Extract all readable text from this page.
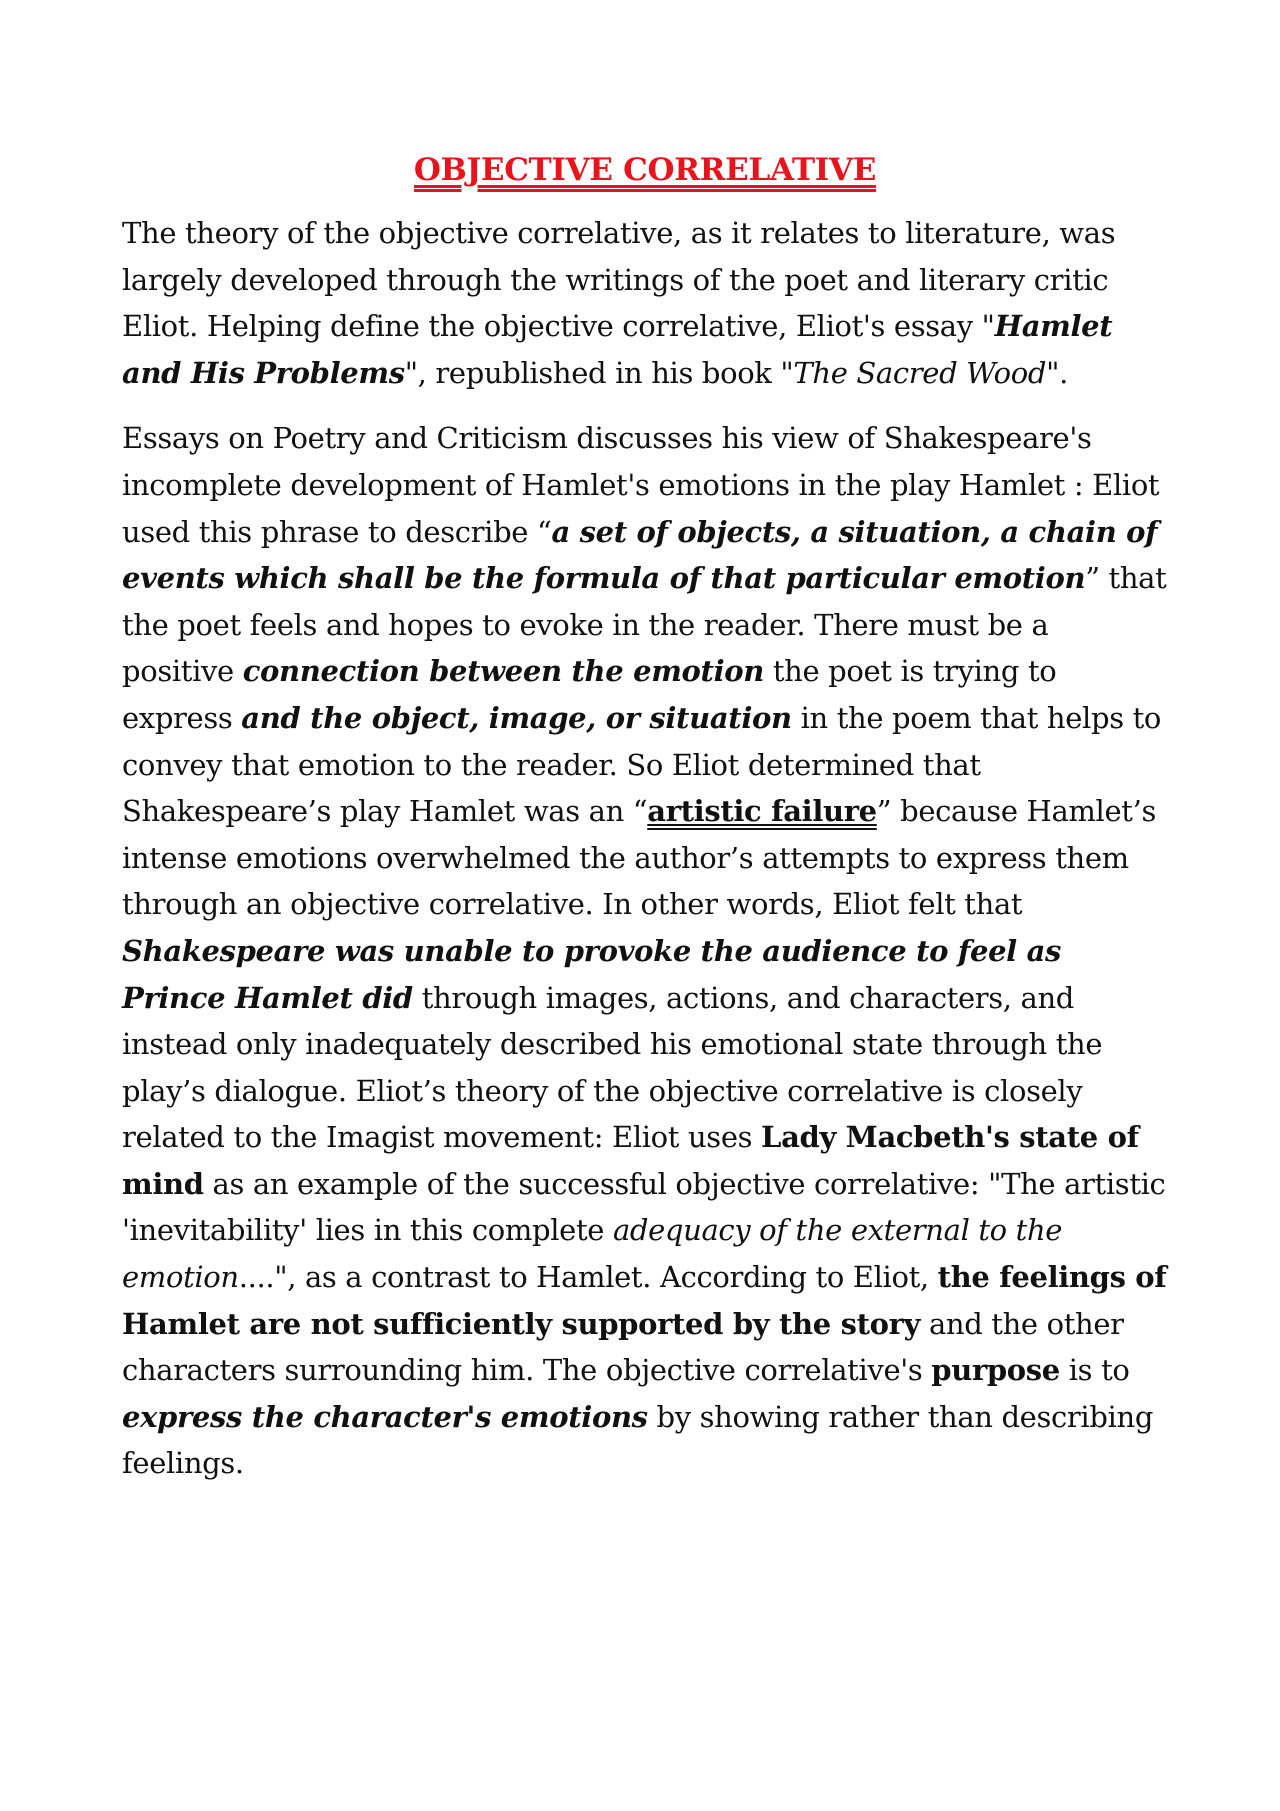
OBJECTIVE CORRELATIVE

The theory of the objective correlative, as it relates to literature, was largely developed through the writings of the poet and literary critic Eliot. Helping define the objective correlative, Eliot's essay "Hamlet and His Problems", republished in his book "The Sacred Wood".

Essays on Poetry and Criticism discusses his view of Shakespeare's incomplete development of Hamlet's emotions in the play Hamlet : Eliot used this phrase to describe “a set of objects, a situation, a chain of events which shall be the formula of that particular emotion” that the poet feels and hopes to evoke in the reader. There must be a positive connection between the emotion the poet is trying to express and the object, image, or situation in the poem that helps to convey that emotion to the reader. So Eliot determined that Shakespeare’s play Hamlet was an “artistic failure” because Hamlet’s intense emotions overwhelmed the author’s attempts to express them through an objective correlative. In other words, Eliot felt that Shakespeare was unable to provoke the audience to feel as Prince Hamlet did through images, actions, and characters, and instead only inadequately described his emotional state through the play’s dialogue. Eliot’s theory of the objective correlative is closely related to the Imagist movement: Eliot uses Lady Macbeth's state of mind as an example of the successful objective correlative: "The artistic 'inevitability' lies in this complete adequacy of the external to the emotion....", as a contrast to Hamlet. According to Eliot, the feelings of Hamlet are not sufficiently supported by the story and the other characters surrounding him. The objective correlative's purpose is to express the character's emotions by showing rather than describing feelings.
